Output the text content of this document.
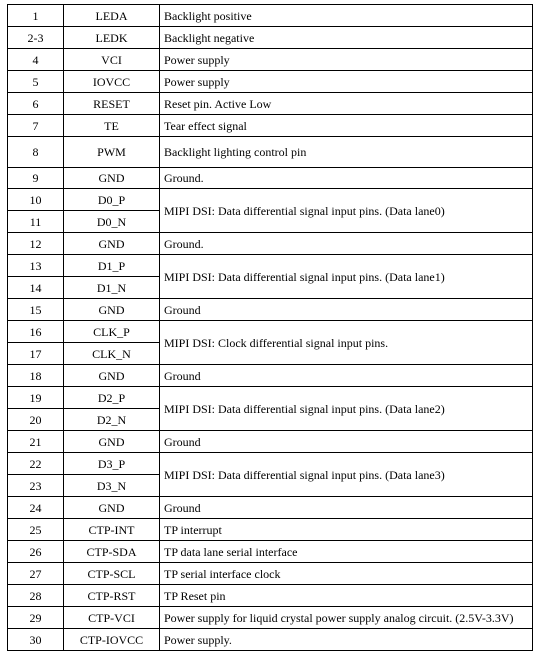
1	LEDA	Backlight positive
2-3	LEDK	Backlight negative
4	VCI	Power supply
5	IOVCC	Power supply
6	RESET	Reset pin. Active Low
7	TE	Tear effect signal
8	PWM	Backlight lighting control pin
9	GND	Ground.
10	D0_P	MIPI DSI: Data differential signal input pins. (Data lane0)
11	D0_N	
12	GND	Ground.
13	D1_P	MIPI DSI: Data differential signal input pins. (Data lane1)
14	D1_N	
15	GND	Ground
16	CLK_P	MIPI DSI: Clock differential signal input pins.
17	CLK_N	
18	GND	Ground
19	D2_P	MIPI DSI: Data differential signal input pins. (Data lane2)
20	D2_N	
21	GND	Ground
22	D3_P	MIPI DSI: Data differential signal input pins. (Data lane3)
23	D3_N	
24	GND	Ground
25	CTP-INT	TP interrupt
26	CTP-SDA	TP data lane serial interface
27	CTP-SCL	TP serial interface clock
28	CTP-RST	TP Reset pin
29	CTP-VCI	Power supply for liquid crystal power supply analog circuit. (2.5V-3.3V)
30	CTP-IOVCC	Power supply.
